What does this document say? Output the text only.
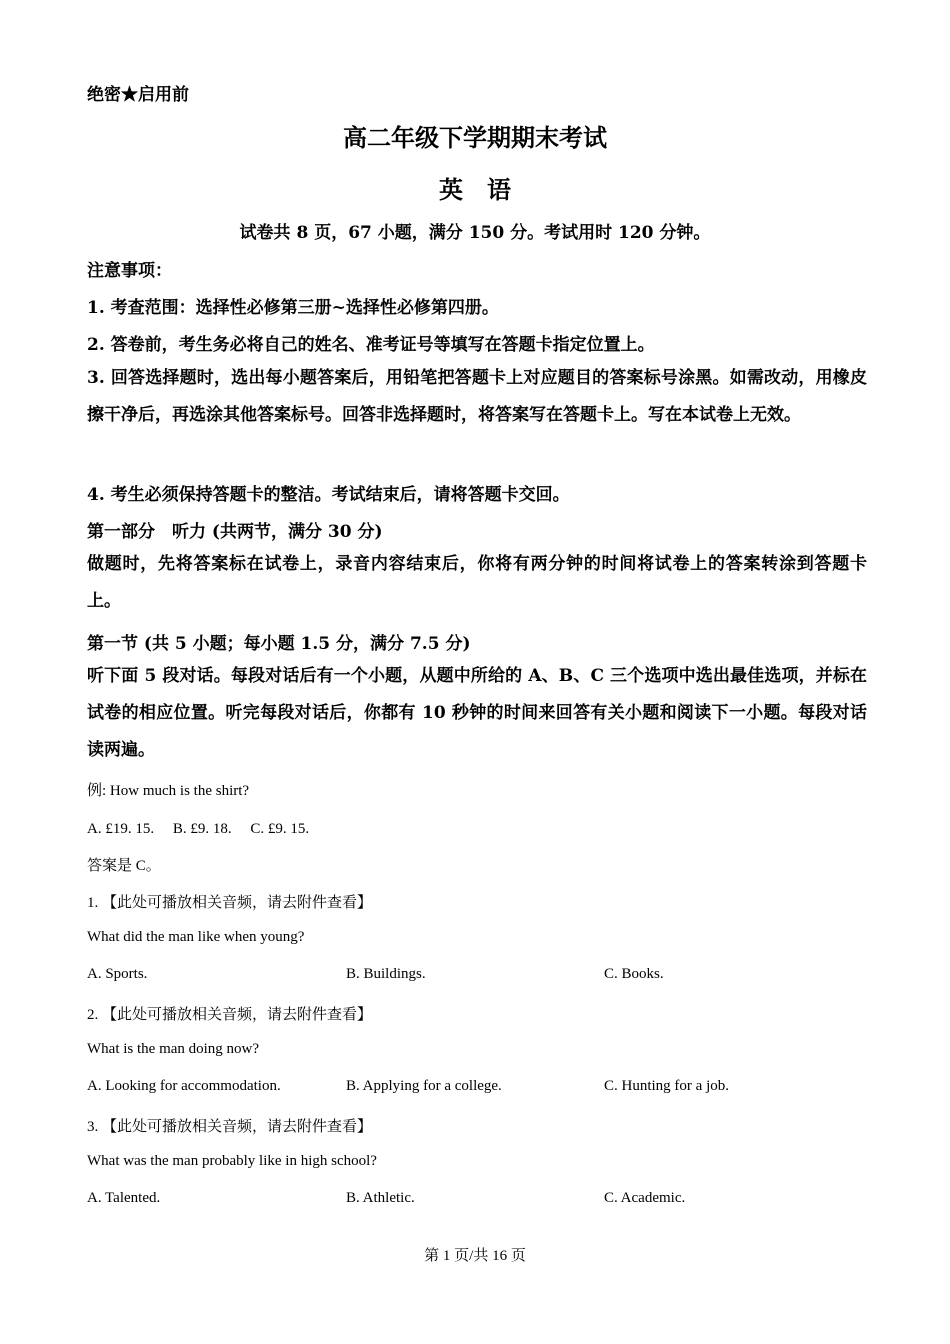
绝密★启用前
高二年级下学期期末考试
英　语
试卷共 8 页，67 小题，满分 150 分。考试用时 120 分钟。
注意事项：
1. 考查范围：选择性必修第三册~选择性必修第四册。
2. 答卷前，考生务必将自己的姓名、准考证号等填写在答题卡指定位置上。
3. 回答选择题时，选出每小题答案后，用铅笔把答题卡上对应题目的答案标号涂黑。如需改动，用橡皮擦干净后，再选涂其他答案标号。回答非选择题时，将答案写在答题卡上。写在本试卷上无效。
4. 考生必须保持答题卡的整洁。考试结束后，请将答题卡交回。
第一部分　听力 (共两节，满分 30 分)
做题时，先将答案标在试卷上，录音内容结束后，你将有两分钟的时间将试卷上的答案转涂到答题卡上。
第一节 (共 5 小题；每小题 1.5 分，满分 7.5 分)
听下面 5 段对话。每段对话后有一个小题，从题中所给的 A、B、C 三个选项中选出最佳选项，并标在试卷的相应位置。听完每段对话后，你都有 10 秒钟的时间来回答有关小题和阅读下一小题。每段对话读两遍。
例: How much is the shirt?
A. £19. 15.　 B. £9. 18.　 C. £9. 15.
答案是 C。
1. 【此处可播放相关音频，请去附件查看】
What did the man like when young?
A. Sports.	B. Buildings.	C. Books.
2. 【此处可播放相关音频，请去附件查看】
What is the man doing now?
A. Looking for accommodation.	B. Applying for a college.	C. Hunting for a job.
3. 【此处可播放相关音频，请去附件查看】
What was the man probably like in high school?
A. Talented.	B. Athletic.	C. Academic.
第 1 页/共 16 页
